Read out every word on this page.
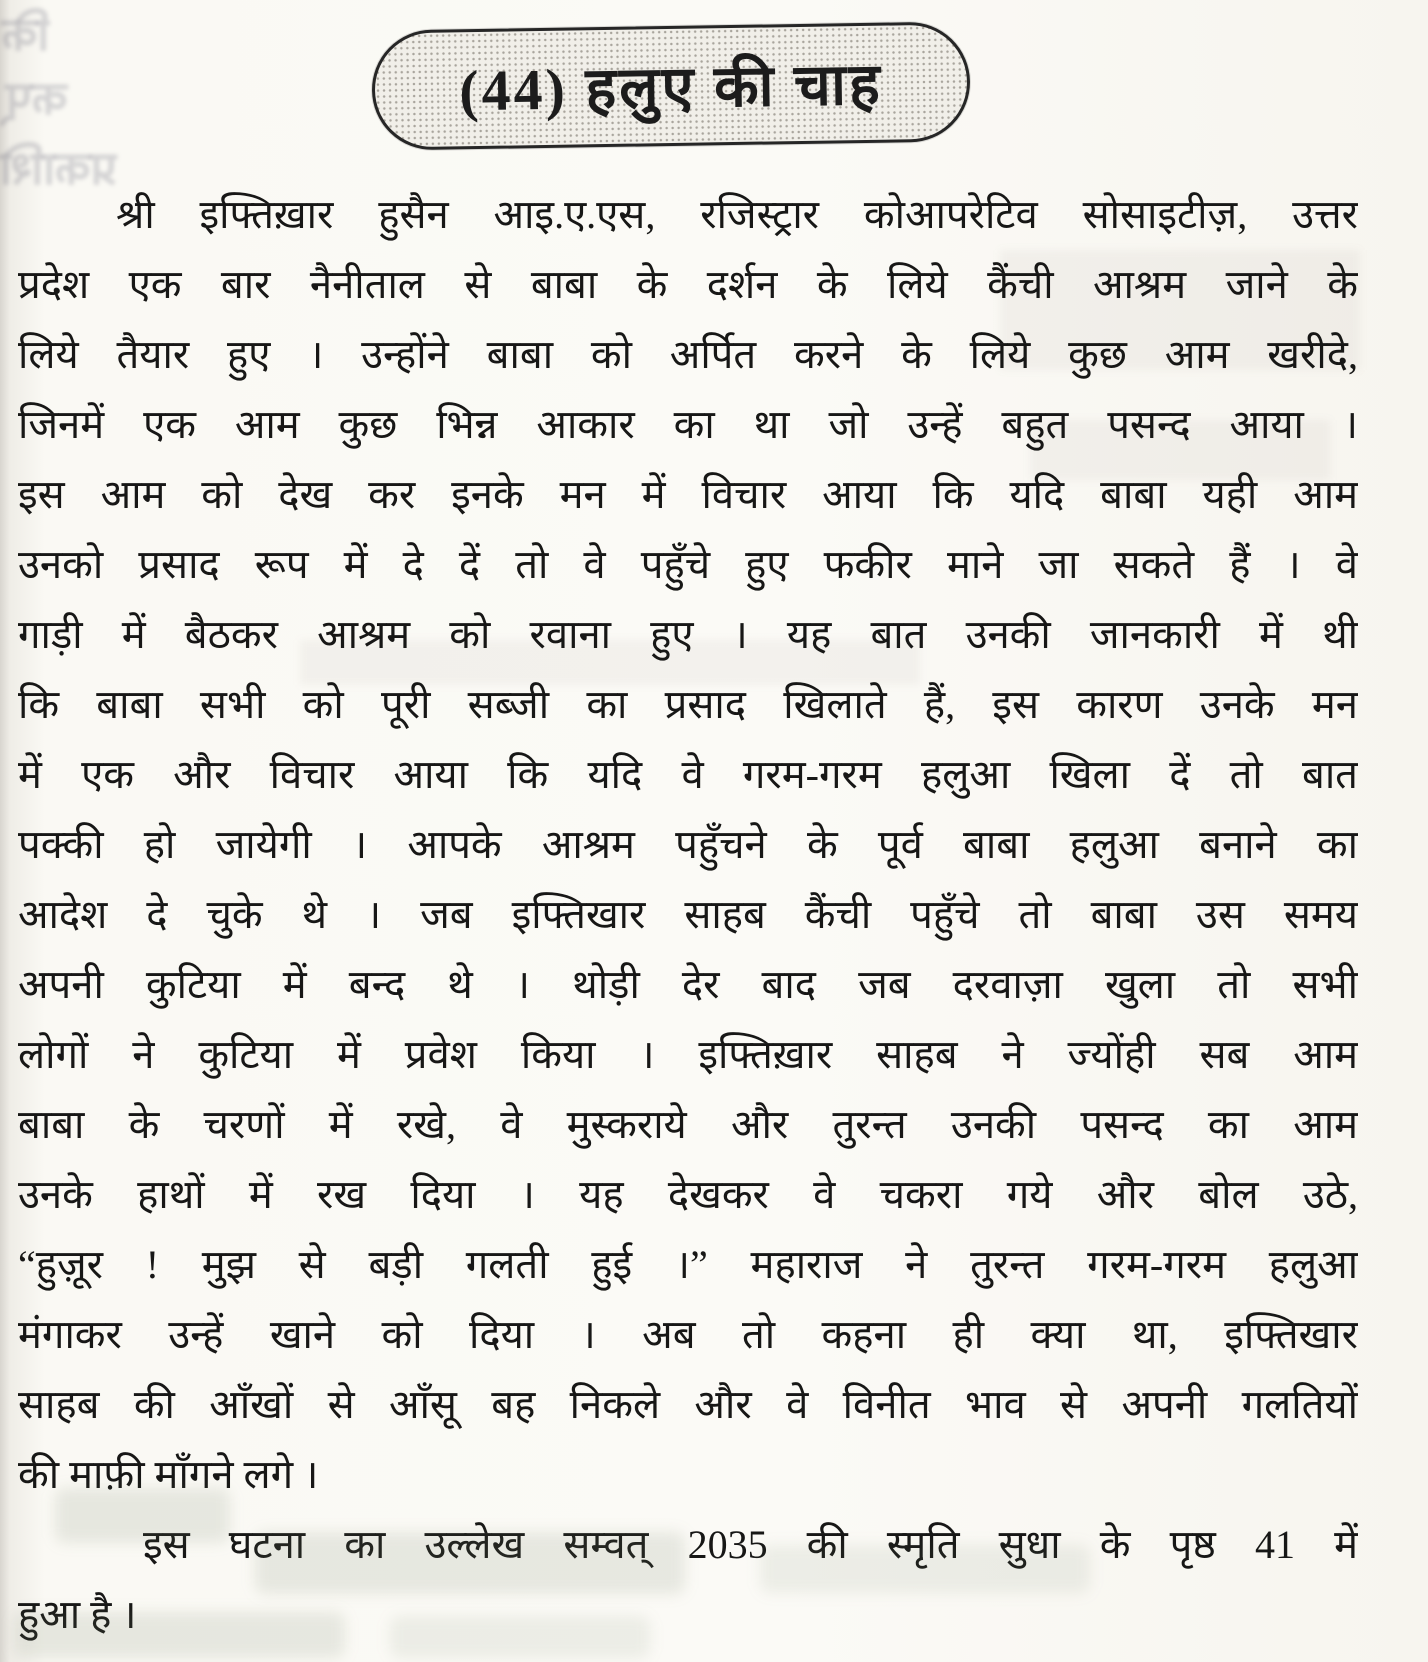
कि
कप्
प्रकाशि
(44) हलुए की चाह
श्री इफ्तिख़ार हुसैन आइ.ए.एस, रजिस्ट्रार कोआपरेटिव सोसाइटीज़, उत्तर
प्रदेश एक बार नैनीताल से बाबा के दर्शन के लिये कैंची आश्रम जाने के
लिये तैयार हुए । उन्होंने बाबा को अर्पित करने के लिये कुछ आम खरीदे,
जिनमें एक आम कुछ भिन्न आकार का था जो उन्हें बहुत पसन्द आया ।
इस आम को देख कर इनके मन में विचार आया कि यदि बाबा यही आम
उनको प्रसाद रूप में दे दें तो वे पहुँचे हुए फकीर माने जा सकते हैं । वे
गाड़ी में बैठकर आश्रम को रवाना हुए । यह बात उनकी जानकारी में थी
कि बाबा सभी को पूरी सब्जी का प्रसाद खिलाते हैं, इस कारण उनके मन
में एक और विचार आया कि यदि वे गरम-गरम हलुआ खिला दें तो बात
पक्की हो जायेगी । आपके आश्रम पहुँचने के पूर्व बाबा हलुआ बनाने का
आदेश दे चुके थे । जब इफ्तिखार साहब कैंची पहुँचे तो बाबा उस समय
अपनी कुटिया में बन्द थे । थोड़ी देर बाद जब दरवाज़ा खुला तो सभी
लोगों ने कुटिया में प्रवेश किया । इफ्तिख़ार साहब ने ज्योंही सब आम
बाबा के चरणों में रखे, वे मुस्कराये और तुरन्त उनकी पसन्द का आम
उनके हाथों में रख दिया । यह देखकर वे चकरा गये और बोल उठे,
“हुज़ूर ! मुझ से बड़ी गलती हुई ।” महाराज ने तुरन्त गरम-गरम हलुआ
मंगाकर उन्हें खाने को दिया । अब तो कहना ही क्या था, इफ्तिखार
साहब की आँखों से आँसू बह निकले और वे विनीत भाव से अपनी गलतियों
की माफ़ी माँगने लगे ।
इस घटना का उल्लेख सम्वत् 2035 की स्मृति सुधा के पृष्ठ 41 में
हुआ है ।
